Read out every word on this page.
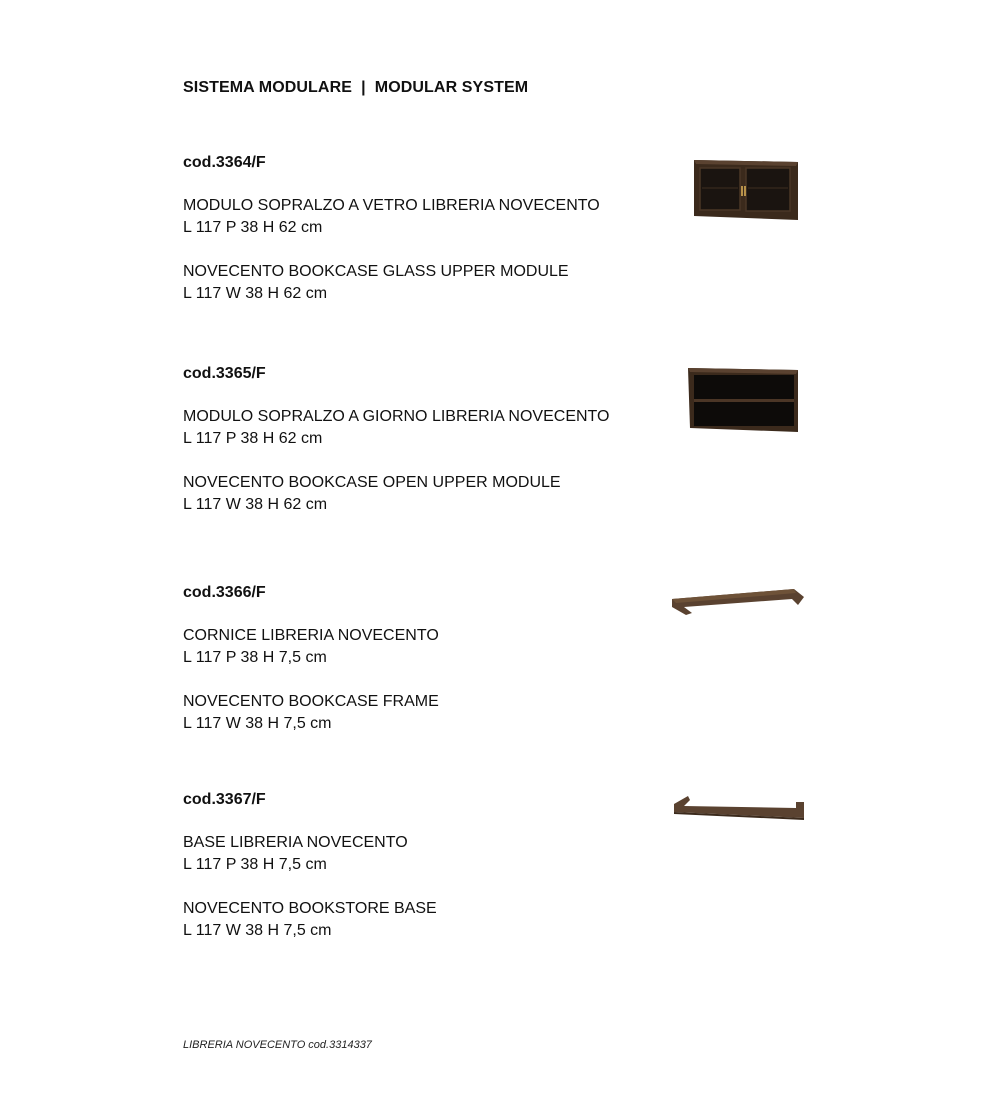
SISTEMA MODULARE  |  MODULAR SYSTEM
cod.3364/F
MODULO SOPRALZO A VETRO LIBRERIA NOVECENTO
L 117 P 38 H 62 cm
NOVECENTO BOOKCASE GLASS UPPER MODULE
L 117 W 38 H 62 cm
cod.3365/F
MODULO SOPRALZO A GIORNO LIBRERIA NOVECENTO
L 117 P 38 H 62 cm
NOVECENTO BOOKCASE OPEN UPPER MODULE
L 117 W 38 H 62 cm
cod.3366/F
CORNICE LIBRERIA NOVECENTO
L 117 P 38 H 7,5 cm
NOVECENTO BOOKCASE FRAME
L 117 W 38 H 7,5 cm
cod.3367/F
BASE LIBRERIA NOVECENTO
L 117 P 38 H 7,5 cm
NOVECENTO BOOKSTORE BASE
L 117 W 38 H 7,5 cm
LIBRERIA NOVECENTO cod.3314337
